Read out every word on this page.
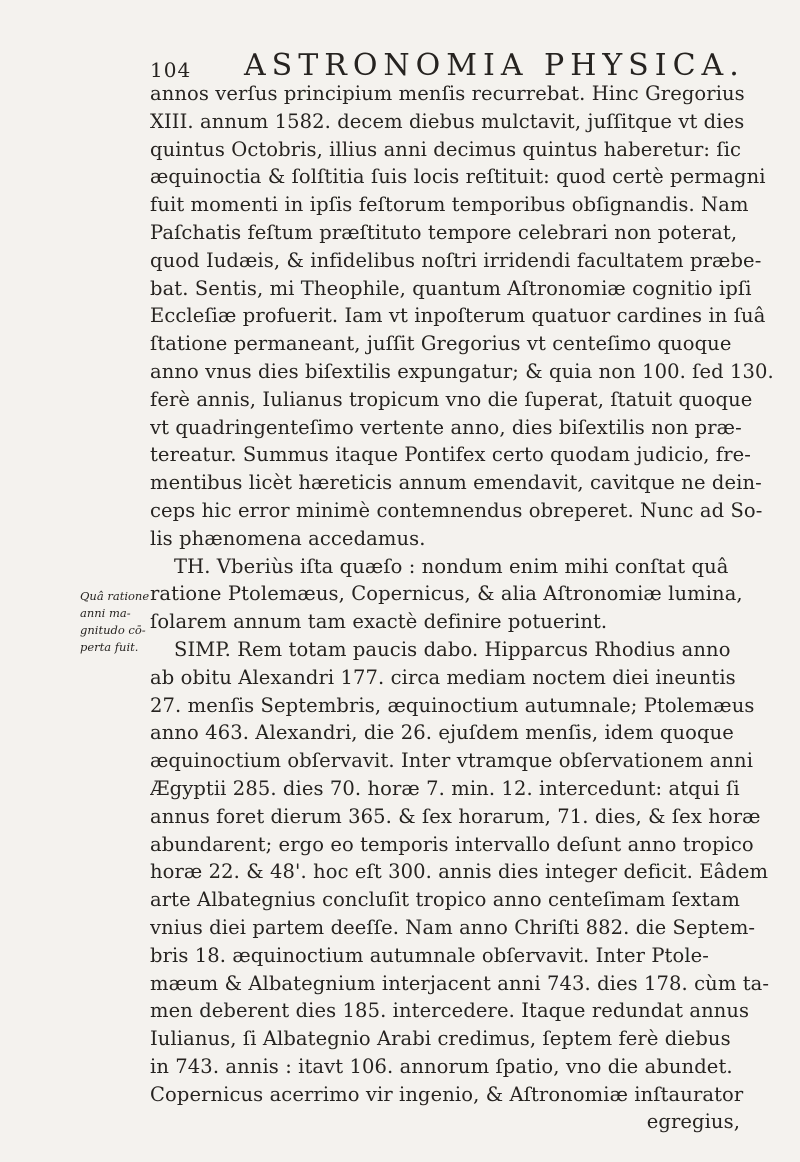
104 ASTRONOMIA PHYSICA.
Quâ ratione
anni ma-
gnitudo cō-
perta fuit.
annos verſus principium menſis recurrebat. Hinc Gregorius
XIII. annum 1582. decem diebus mulctavit, juſſitque vt dies
quintus Octobris, illius anni decimus quintus haberetur: ſic
æquinoctia & ſolſtitia ſuis locis reſtituit: quod certè permagni
fuit momenti in ipſis feſtorum temporibus obſignandis. Nam
Paſchatis feſtum præſtituto tempore celebrari non poterat,
quod Iudæis, & infidelibus noſtri irridendi facultatem præbe-
bat. Sentis, mi Theophile, quantum Aſtronomiæ cognitio ipſi
Eccleſiæ profuerit. Iam vt inpoſterum quatuor cardines in ſuâ
ſtatione permaneant, juſſit Gregorius vt centeſimo quoque
anno vnus dies biſextilis expungatur; & quia non 100. ſed 130.
ferè annis, Iulianus tropicum vno die ſuperat, ſtatuit quoque
vt quadringenteſimo vertente anno, dies biſextilis non præ-
tereatur. Summus itaque Pontifex certo quodam judicio, fre-
mentibus licèt hæreticis annum emendavit, cavitque ne dein-
ceps hic error minimè contemnendus obreperet. Nunc ad So-
lis phænomena accedamus.
TH. Vberiùs iſta quæſo : nondum enim mihi conſtat quâ
ratione Ptolemæus, Copernicus, & alia Aſtronomiæ lumina,
ſolarem annum tam exactè definire potuerint.
SIMP. Rem totam paucis dabo. Hipparcus Rhodius anno
ab obitu Alexandri 177. circa mediam noctem diei ineuntis
27. menſis Septembris, æquinoctium autumnale; Ptolemæus
anno 463. Alexandri, die 26. ejuſdem menſis, idem quoque
æquinoctium obſervavit. Inter vtramque obſervationem anni
Ægyptii 285. dies 70. horæ 7. min. 12. intercedunt: atqui ſi
annus foret dierum 365. & ſex horarum, 71. dies, & ſex horæ
abundarent; ergo eo temporis intervallo deſunt anno tropico
horæ 22. & 48'. hoc eſt 300. annis dies integer deficit. Eâdem
arte Albategnius concluſit tropico anno centeſimam ſextam
vnius diei partem deeſſe. Nam anno Chriſti 882. die Septem-
bris 18. æquinoctium autumnale obſervavit. Inter Ptole-
mæum & Albategnium interjacent anni 743. dies 178. cùm ta-
men deberent dies 185. intercedere. Itaque redundat annus
Iulianus, ſi Albategnio Arabi credimus, ſeptem ferè diebus
in 743. annis : itavt 106. annorum ſpatio, vno die abundet.
Copernicus acerrimo vir ingenio, & Aſtronomiæ inſtaurator
egregius,
